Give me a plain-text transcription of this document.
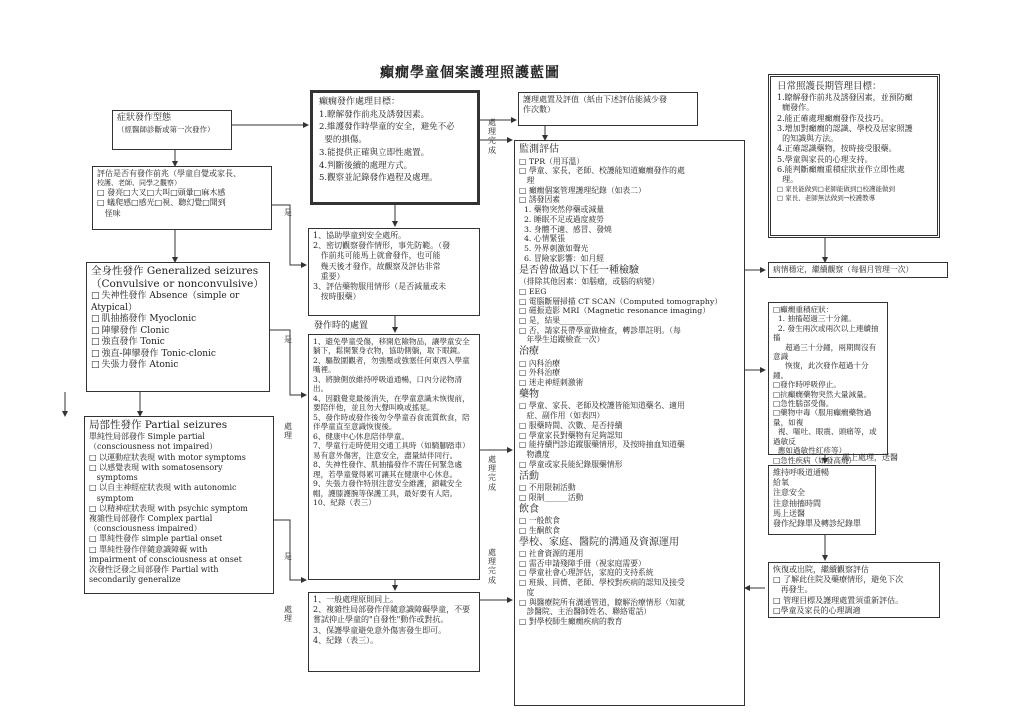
癲癇學童個案護理照護藍圖
症狀發作型態
（經醫師診斷或第一次發作）
評估是否有發作前兆（學童自覺或家長、
校護、老師、同學之觀察）
□ 發亮□大叉□大叫□頭暈□麻木感
□ 蟻爬感□感光□視、聽幻覺□聞到
怪味
全身性發作 Generalized seizures
（Convulsive or nonconvulsive）
□ 失神性發作 Absence（simple or Atypical）
□ 肌抽搐發作 Myoclonic
□ 陣攣發作 Clonic
□ 強直發作 Tonic
□ 強直-陣攣發作 Tonic-clonic
□ 失張力發作 Atonic
局部性發作 Partial seizures
單純性局部發作 Simple partial
（consciousness not impaired）
□ 以運動症狀表現 with motor symptoms
□ 以感覺表現 with somatosensory
symptoms
□ 以自主神經症狀表現 with autonomic
symptom
□ 以精神症狀表現 with psychic symptom
複雜性局部發作 Complex partial
（consciousness impaired）
□ 單純性發作 simple partial onset
□ 單純性發作伴隨意識障礙 with
impairment of consciousness at onset
次發性泛發之局部發作 Partial with
secondarily generalize
癲癇發作處理目標：
1.瞭解發作前兆及誘發因素。
2.維護發作時學童的安全，避免不必
要的損傷。
3.能提供正確與立即性處置。
4.判斷後續的處理方式。
5.觀察並記錄發作過程及處理。
1、協助學童到安全處所。
2、密切觀察發作情形，事先防範。（發
作前兆可能馬上就會發作，也可能
幾天後才發作，故觀察及評估非常
重要）
3、評估藥物服用情形（是否減量或未
按時服藥）
發作時的處置
1、避免學童受傷，移開危險物品，讓學童安全躺下，鬆開緊身衣物，協助側躺，取下眼鏡。
2、驅散圍觀者，勿強壓或強塞任何東西入學童嘴裡。
3、將臉側放維持呼吸道通暢，口內分泌物清出。
4、因戳覺竟最後消失，在學童意識未恢復前，要陪伴他，並且勿大聲叫喚或搖晃。
5、發作時或發作後勿令學童吞食流質飲食，陪伴學童直至意識恢復後。
6、健康中心休息陪伴學童。
7、學童行走時使用交通工具時（如騎腳踏車）易有意外傷害，注意安全，盡量結伴同行。
8、失神性發作、肌抽搐發作不需任何緊急處理，若學童覺得累可讓其在健康中心休息。
9、失張力發作特別注意安全維護，鎖載安全帽，護膝護腕等保護工具，最好要有人陪。
10、紀錄（表三）
1、一般處理原則同上。
2、複雜性局部發作伴隨意識障礙學童，不要嘗試抑止學童的"自發性"動作或對抗。
3、保護學童避免意外傷害發生即可。
4、紀錄（表三）。
護理處置及評值（紙由下述評估能減少發
作次數）
監測評估
□ TPR（用耳溫）
□ 學童、家長、老師、校護能知道癲癇發作的處
理
□ 癲癇個案管理護理紀錄（如表二）
□ 誘發因素
1. 藥物突然停藥或減量
2. 睡眠不足或過度疲勞
3. 身體不適、感冒、發燒
4. 心情緊張
5. 外界刺激如聲光
6. 冒險家影響：如月經
是否曾做過以下任一種檢驗
（排除其他因素：如腦瘤，或腦的病變）
□ EEG
□ 電腦斷層掃描 CT SCAN（Computed tomography）
□ 磁振造影 MRI（Magnetic resonance imaging）
□ 是，結果________
□ 否，請家長帶學童做檢查，轉診單註明。（每
年學生追蹤檢查一次）
治療
□ 內科治療
□ 外科治療
□ 迷走神經刺激術
藥物
□ 學童、家長、老師及校護皆能知道藥名、適用
症、副作用（如表四）
□ 服藥時間、次數、是否持續
□ 學童家長對藥物有足夠認知
□ 能持續門診追蹤服藥情形，及按時抽血知道藥
物濃度
□ 學童或家長能紀錄服藥情形
活動
□ 不用限制活動
□ 限制______活動
飲食
□ 一般飲食
□ 生酮飲食
學校、家庭、醫院的溝通及資源運用
□ 社會資源的運用
□ 需否申請殘障手冊（視家庭需要）
□ 學童社會心理評估，家庭的支持系統
□ 班級、同儕、老師、學校對疾病的認知及接受
度
□ 與醫療院所有溝通管道，瞭解治療情形（知就
診醫院、主治醫師姓名、聯絡電話）
□ 對學校師生癲癇疾病的教育
日常照護長期管理目標：
1.瞭解發作前兆及誘發因素，並預防癲
癇發作。
2.能正確處理癲癇發作及技巧。
3.增加對癲癇的認識、學校及居家照護
的知識與方法。
4.正確認識藥物，按時接受服藥。
5.學童與家長的心理支持。
6.能判斷癲癇重積症狀並作立即性處
理。
□ 家長能做到□老師能做到□校護能做到
□ 家長、老師無法做到→校護教導
病情穩定，繼續觀察（每個月管理一次）
□癲癇重積症狀：
1. 抽搐超過三十分鐘。
2. 發生兩次或兩次以上連續抽搐
超過三十分鐘，兩期間沒有意識
恢復，此次發作超過十分鐘。
□發作時呼吸停止。
□抗癲癇藥物突然大量減量。
□急性腦部受傷。
□藥物中毒（服用癲癇藥物過量，如複
視、嘔吐、眼震、頭痛等，或過敏反
應如過敏性紅疹等）
□急性疾病（如發高燒）
馬上處理，送醫
維持呼吸道通暢
給氧
注意安全
注意抽搐時間
馬上送醫
發作紀錄單及轉診紀錄單
恢復或出院，繼續觀察評估
□ 了解此住院及藥療情形，避免下次
再發生。
□ 管理目標及護理處置須重新評估。
□學童及家長的心理調適
是
是
是
處理
處理
處理完成
處理完成
處理完成
